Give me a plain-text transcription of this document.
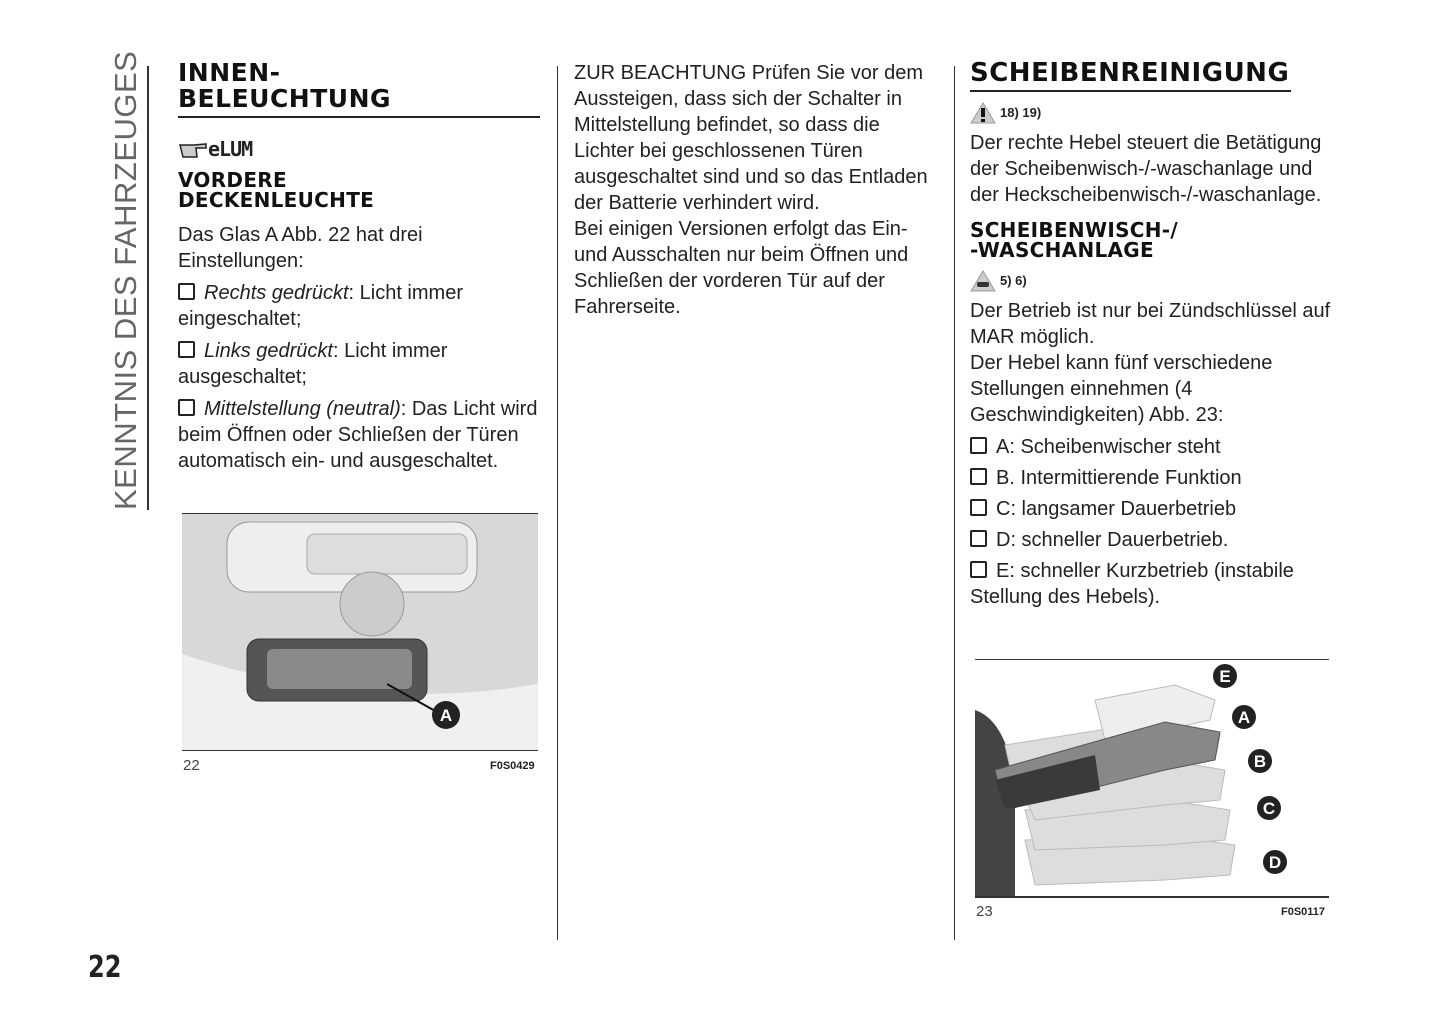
KENNTNIS DES FAHRZEUGES INNEN-
BELEUCHTUNG
eLUM
VORDERE
DECKENLEUCHTE

Das Glas A Abb. 22 hat drei Einstellungen:

Rechts gedrückt: Licht immer eingeschaltet;
Links gedrückt: Licht immer ausgeschaltet;
Mittelstellung (neutral): Das Licht wird beim Öffnen oder Schließen der Türen automatisch ein- und ausgeschaltet.
A
22	F0S0429

ZUR BEACHTUNG Prüfen Sie vor dem Aussteigen, dass sich der Schalter in Mittelstellung befindet, so dass die Lichter bei geschlossenen Türen ausgeschaltet sind und so das Entladen der Batterie verhindert wird.

Bei einigen Versionen erfolgt das Ein- und Ausschalten nur beim Öffnen und Schließen der vorderen Tür auf der Fahrerseite.

SCHEIBENREINIGUNG
18) 19)

Der rechte Hebel steuert die Betätigung der Scheibenwisch-/-waschanlage und der Heckscheibenwisch-/-waschanlage.

SCHEIBENWISCH-/
-WASCHANLAGE
5) 6)

Der Betrieb ist nur bei Zündschlüssel auf MAR möglich.

Der Hebel kann fünf verschiedene Stellungen einnehmen (4 Geschwindigkeiten) Abb. 23:

A: Scheibenwischer steht
B. Intermittierende Funktion
C: langsamer Dauerbetrieb
D: schneller Dauerbetrieb.
E: schneller Kurzbetrieb (instabile Stellung des Hebels).
E
A
B
C
D
23	F0S0117
22
